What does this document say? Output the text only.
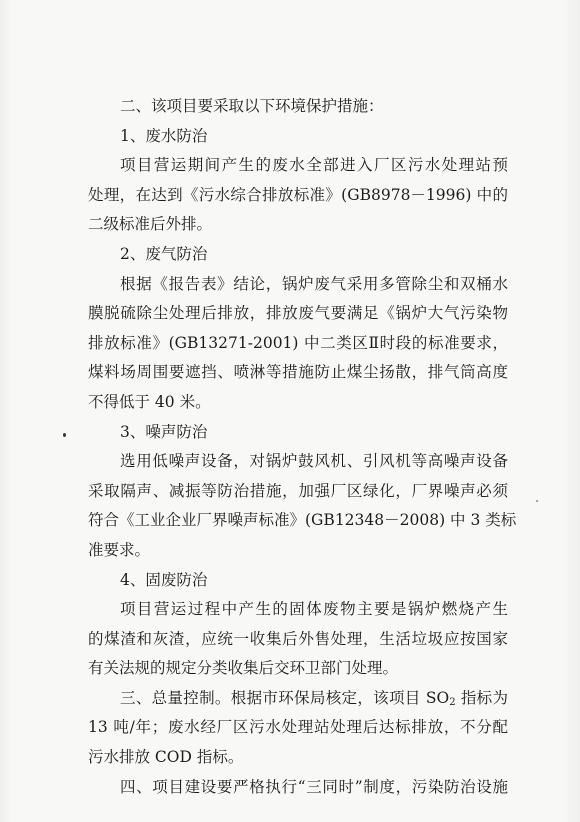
二、该项目要采取以下环境保护措施：
1、废水防治
项目营运期间产生的废水全部进入厂区污水处理站预
处理，在达到《污水综合排放标准》(GB8978－1996) 中的
二级标准后外排。
2、废气防治
根据《报告表》结论，锅炉废气采用多管除尘和双桶水
膜脱硫除尘处理后排放，排放废气要满足《锅炉大气污染物
排放标准》(GB13271-2001) 中二类区Ⅱ时段的标准要求，
煤料场周围要遮挡、喷淋等措施防止煤尘扬散，排气筒高度
不得低于 40 米。
3、噪声防治
选用低噪声设备，对锅炉鼓风机、引风机等高噪声设备
采取隔声、减振等防治措施，加强厂区绿化，厂界噪声必须
符合《工业企业厂界噪声标准》(GB12348－2008) 中 3 类标
准要求。
4、固废防治
项目营运过程中产生的固体废物主要是锅炉燃烧产生
的煤渣和灰渣，应统一收集后外售处理，生活垃圾应按国家
有关法规的规定分类收集后交环卫部门处理。
三、总量控制。根据市环保局核定，该项目 $SO_2$ 指标为
13 吨/年；废水经厂区污水处理站处理后达标排放，不分配
污水排放 COD 指标。
四、项目建设要严格执行“三同时”制度，污染防治设施
